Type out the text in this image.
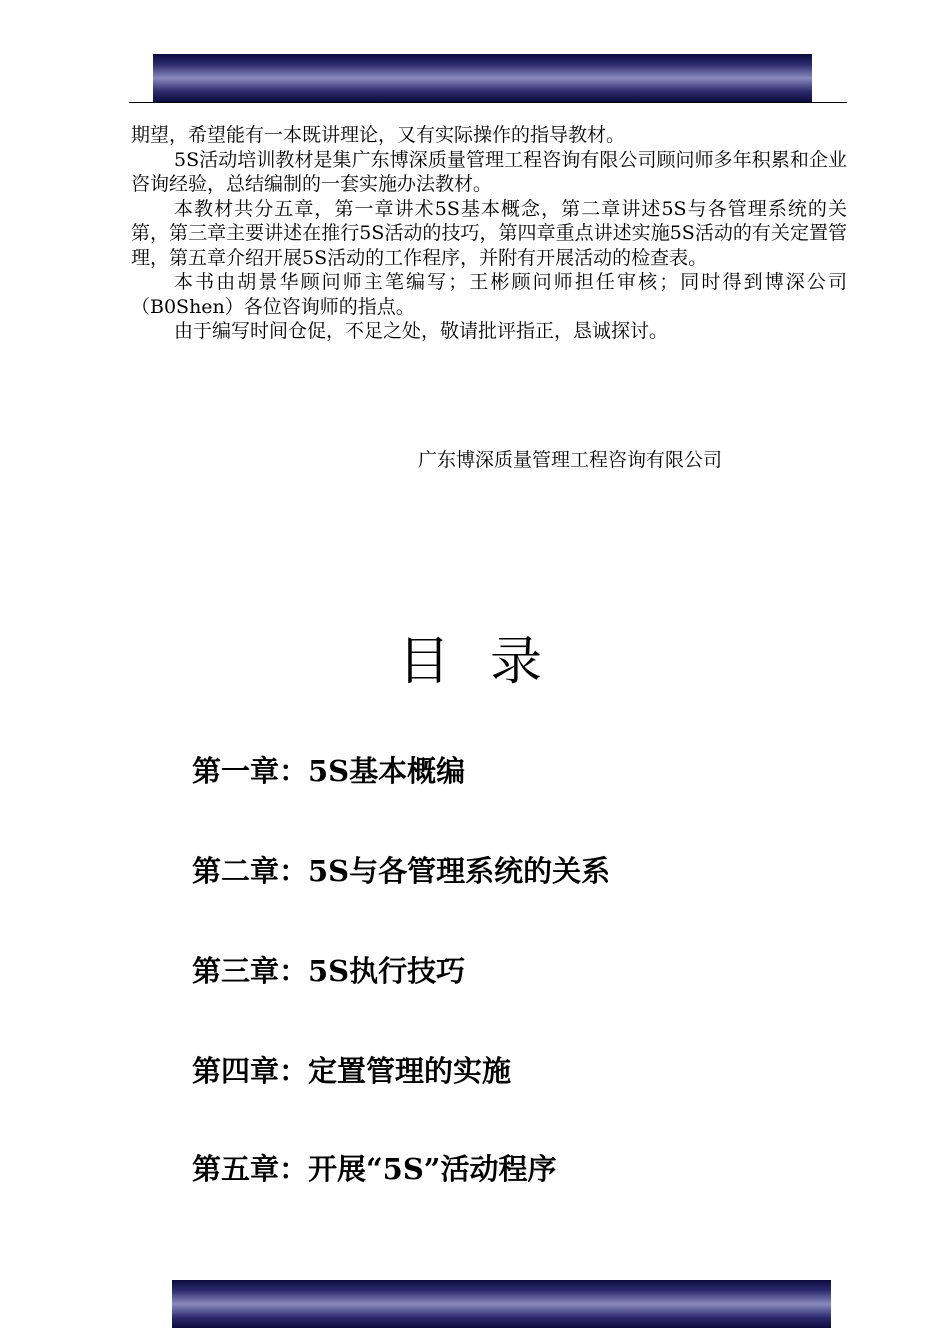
期望，希望能有一本既讲理论，又有实际操作的指导教材。

5S活动培训教材是集广东博深质量管理工程咨询有限公司顾问师多年积累和企业咨询经验，总结编制的一套实施办法教材。

本教材共分五章，第一章讲术5S基本概念，第二章讲述5S与各管理系统的关第，第三章主要讲述在推行5S活动的技巧，第四章重点讲述实施5S活动的有关定置管理，第五章介绍开展5S活动的工作程序，并附有开展活动的检查表。

本书由胡景华顾问师主笔编写；王彬顾问师担任审核；同时得到博深公司（B0Shen）各位咨询师的指点。

由于编写时间仓促，不足之处，敬请批评指正，恳诚探讨。

广东博深质量管理工程咨询有限公司
目录
第一章：5S基本概编
第二章：5S与各管理系统的关系
第三章：5S执行技巧
第四章：定置管理的实施
第五章：开展“5S”活动程序
